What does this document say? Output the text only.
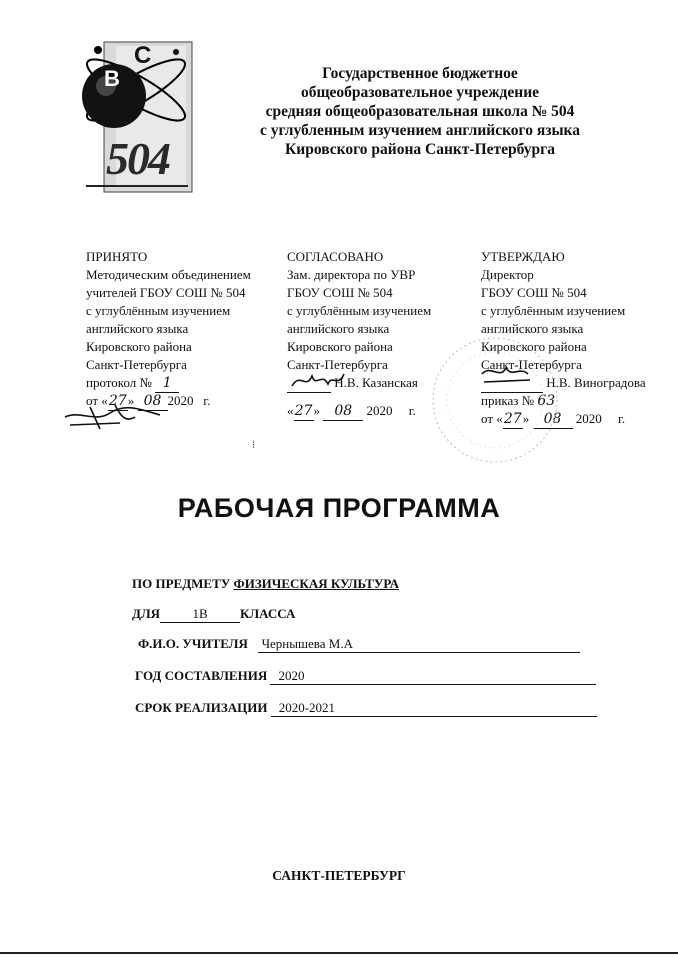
B
C
504
Государственное бюджетное
общеобразовательное учреждение
средняя общеобразовательная школа № 504
с углубленным изучением английского языка
Кировского района Санкт-Петербурга
ПРИНЯТО
Методическим объединением
учителей ГБОУ СОШ № 504
с углублённым изучением
английского языка
Кировского района
Санкт-Петербурга
протокол № 1
от «27» 08 2020 г.
СОГЛАСОВАНО
Зам. директора по УВР
ГБОУ СОШ № 504
с углублённым изучением
английского языка
Кировского района
Санкт-Петербурга
Н.В. Казанская
«27» 08 2020 г.
УТВЕРЖДАЮ
Директор
ГБОУ СОШ № 504
с углублённым изучением
английского языка
Кировского района
Санкт-Петербурга
Н.В. Виноградова
приказ № 63
от «27» 08 2020 г.
⁝
РАБОЧАЯ ПРОГРАММА
ПО ПРЕДМЕТУ ФИЗИЧЕСКАЯ КУЛЬТУРА
ДЛЯ 1В КЛАССА
Ф.И.О. УЧИТЕЛЯ Чернышева М.А
ГОД СОСТАВЛЕНИЯ 2020
СРОК РЕАЛИЗАЦИИ 2020-2021
САНКТ-ПЕТЕРБУРГ
